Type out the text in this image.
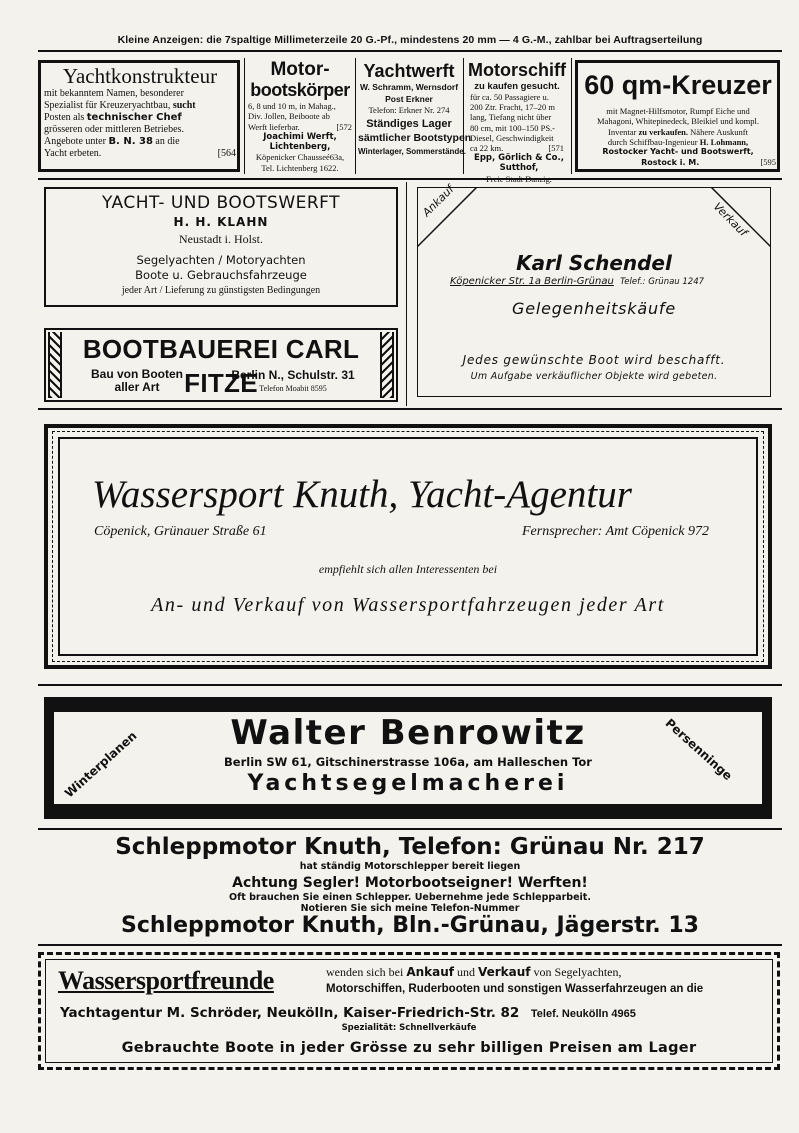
Kleine Anzeigen: die 7spaltige Millimeterzeile 20 G.-Pf., mindestens 20 mm — 4 G.-M., zahlbar bei Auftragserteilung
Yachtkonstrukteur
mit bekanntem Namen, besonderer
Spezialist für Kreuzeryachtbau, sucht
Posten als technischer Chef
grösseren oder mittleren Betriebes.
Angebote unter B. N. 38 an die
Yacht erbeten.	[564
Motor-
bootskörper
6, 8 und 10 m, in Mahag.,
Div. Jollen, Beiboote ab
Werft lieferbar.	[572
Joachimi Werft,
Lichtenberg,
Köpenicker Chausseé63a,
Tel. Lichtenberg 1622.
Yachtwerft
W. Schramm, Wernsdorf
Post Erkner
Telefon: Erkner Nr. 274
Ständiges Lager
sämtlicher Bootstypen
Winterlager, Sommerstände.
Motorschiff
zu kaufen gesucht.
für ca. 50 Passagiere u.
200 Ztr. Fracht, 17–20 m
lang, Tiefang nicht über
80 cm, mit 100–150 PS.-
Diesel, Geschwindigkeit
ca 22 km.	[571
Epp, Görlich & Co.,
Sutthof,
Freie Stadt Danzig.
60 qm-Kreuzer
mit Magnet-Hilfsmotor, Rumpf Eiche und
Mahagoni, Whitepinedeck, Bleikiel und kompl.
Inventar zu verkaufen. Nähere Auskunft
durch Schiffbau-Ingenieur H. Lohmann,
Rostocker Yacht- und Bootswerft,
Rostock i. M.	[595
YACHT- UND BOOTSWERFT
H. H. KLAHN
Neustadt i. Holst.
Segelyachten / Motoryachten
Boote u. Gebrauchsfahrzeuge
jeder Art / Lieferung zu günstigsten Bedingungen
BOOTBAUEREI CARL FITZE
Bau von Booten
aller Art
Berlin N., Schulstr. 31
Telefon Moabit 8595
Ankauf	Verkauf
Karl Schendel
Köpenicker Str. 1a Berlin-Grünau Telef.: Grünau 1247
Gelegenheitskäufe
Jedes gewünschte Boot wird beschafft.
Um Aufgabe verkäuflicher Objekte wird gebeten.
Wassersport Knuth, Yacht-Agentur
Cöpenick, Grünauer Straße 61	Fernsprecher: Amt Cöpenick 972
empfiehlt sich allen Interessenten bei
An- und Verkauf von Wassersportfahrzeugen jeder Art
Winterplanen	Persenninge
Walter Benrowitz
Berlin SW 61, Gitschinerstrasse 106a, am Halleschen Tor
Yachtsegelmacherei
Schleppmotor Knuth, Telefon: Grünau Nr. 217
hat ständig Motorschlepper bereit liegen
Achtung Segler! Motorbootseigner! Werften!
Oft brauchen Sie einen Schlepper. Uebernehme jede Schlepparbeit.
Notieren Sie sich meine Telefon-Nummer
Schleppmotor Knuth, Bln.-Grünau, Jägerstr. 13
Wassersportfreunde	wenden sich bei Ankauf und Verkauf von Segelyachten,
Motorschiffen, Ruderbooten und sonstigen Wasserfahrzeugen an die
Yachtagentur M. Schröder, Neukölln, Kaiser-Friedrich-Str. 82 Telef. Neukölln 4965
Spezialität: Schnellverkäufe
Gebrauchte Boote in jeder Grösse zu sehr billigen Preisen am Lager
